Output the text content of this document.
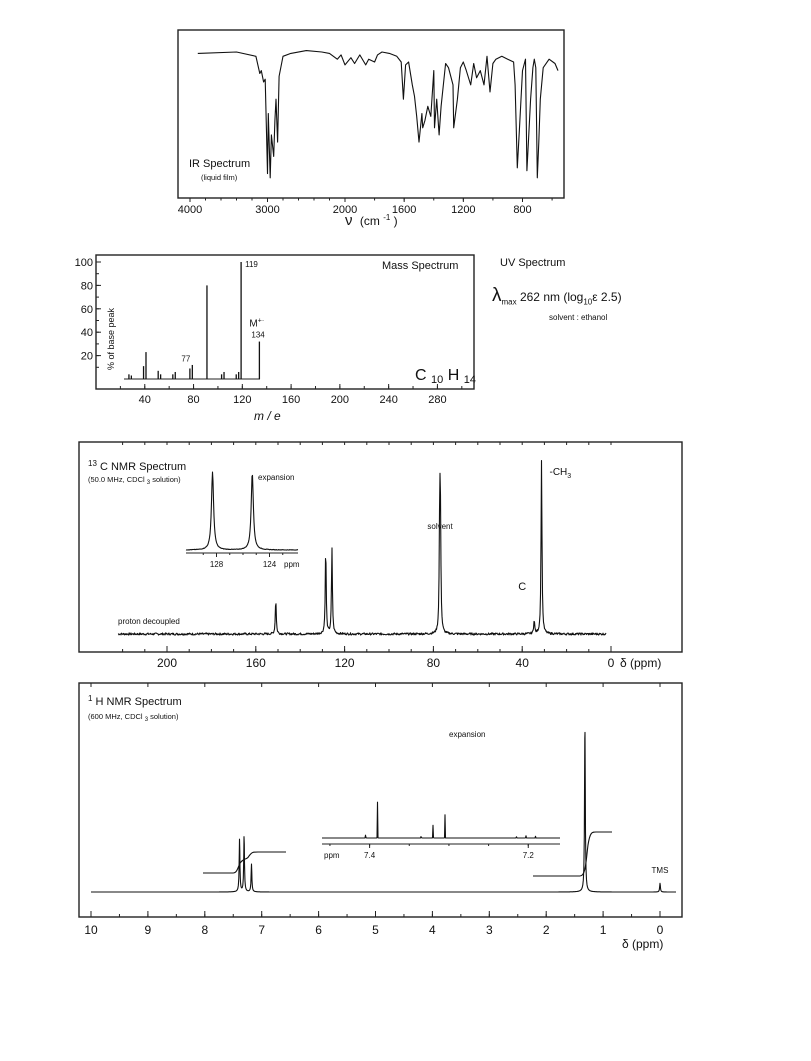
4000	3000	2000	1600	1200	800
IR Spectrum
(liquid film)
ν (cm $^{-1}$ )
20
40
60
80
100
40	80	120	160	200	240	280
119
77
M+·
134
Mass Spectrum
% of base peak
m / e
C 10 H 14
200	160	120	80	40	0
$-CH_3$
solvent
C
$^{13}$ C NMR Spectrum
(50.0 MHz, CDCl $_3$ solution)
proton decoupled
δ (ppm)
128	124
expansion
ppm
10	9	8	7	6	5	4	3	2	1	0
TMS
$^1$ H NMR Spectrum
(600 MHz, CDCl $_3$ solution)
δ (ppm)
7.4	7.2
expansion
ppm
UV Spectrum
$\lambda_{max}$ 262 nm ($\log_{10}\varepsilon$ 2.5)
solvent : ethanol
